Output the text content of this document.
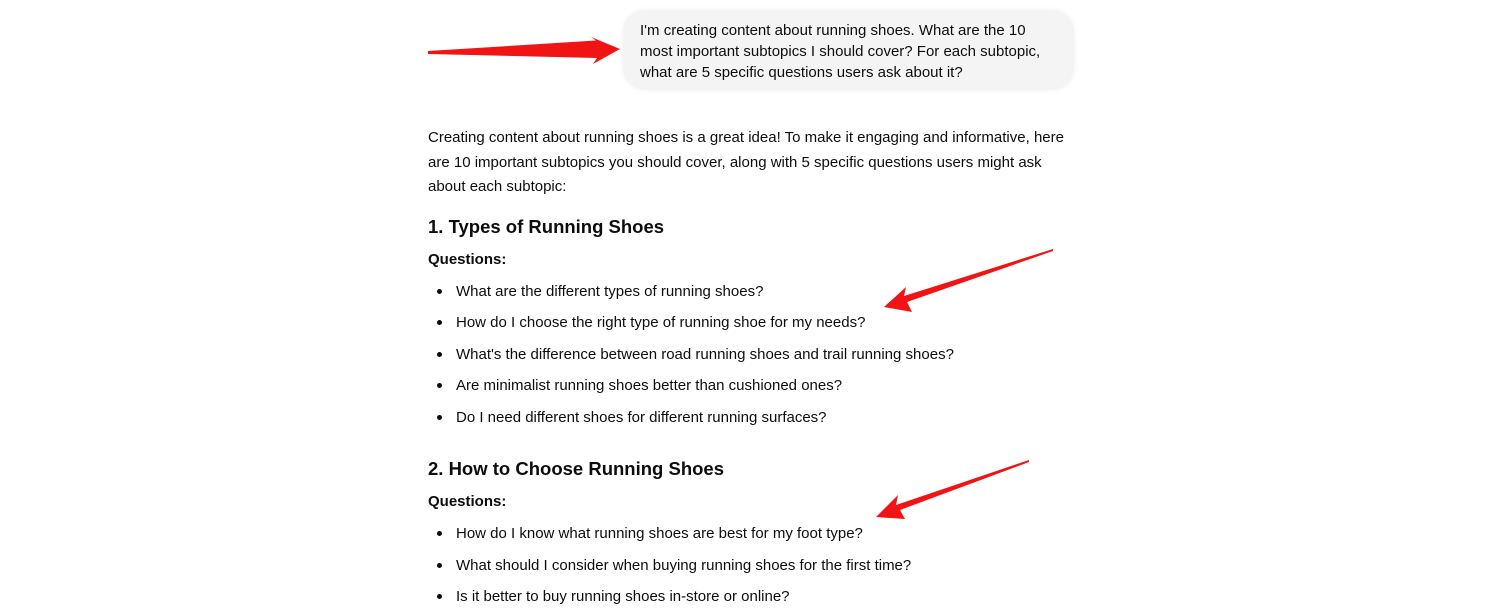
I'm creating content about running shoes. What are the 10 most important subtopics I should cover? For each subtopic, what are 5 specific questions users ask about it?

Creating content about running shoes is a great idea! To make it engaging and informative, here are 10 important subtopics you should cover, along with 5 specific questions users might ask about each subtopic:

1. Types of Running Shoes

Questions:

What are the different types of running shoes?
How do I choose the right type of running shoe for my needs?
What's the difference between road running shoes and trail running shoes?
Are minimalist running shoes better than cushioned ones?
Do I need different shoes for different running surfaces?
2. How to Choose Running Shoes

Questions:

How do I know what running shoes are best for my foot type?
What should I consider when buying running shoes for the first time?
Is it better to buy running shoes in-store or online?
